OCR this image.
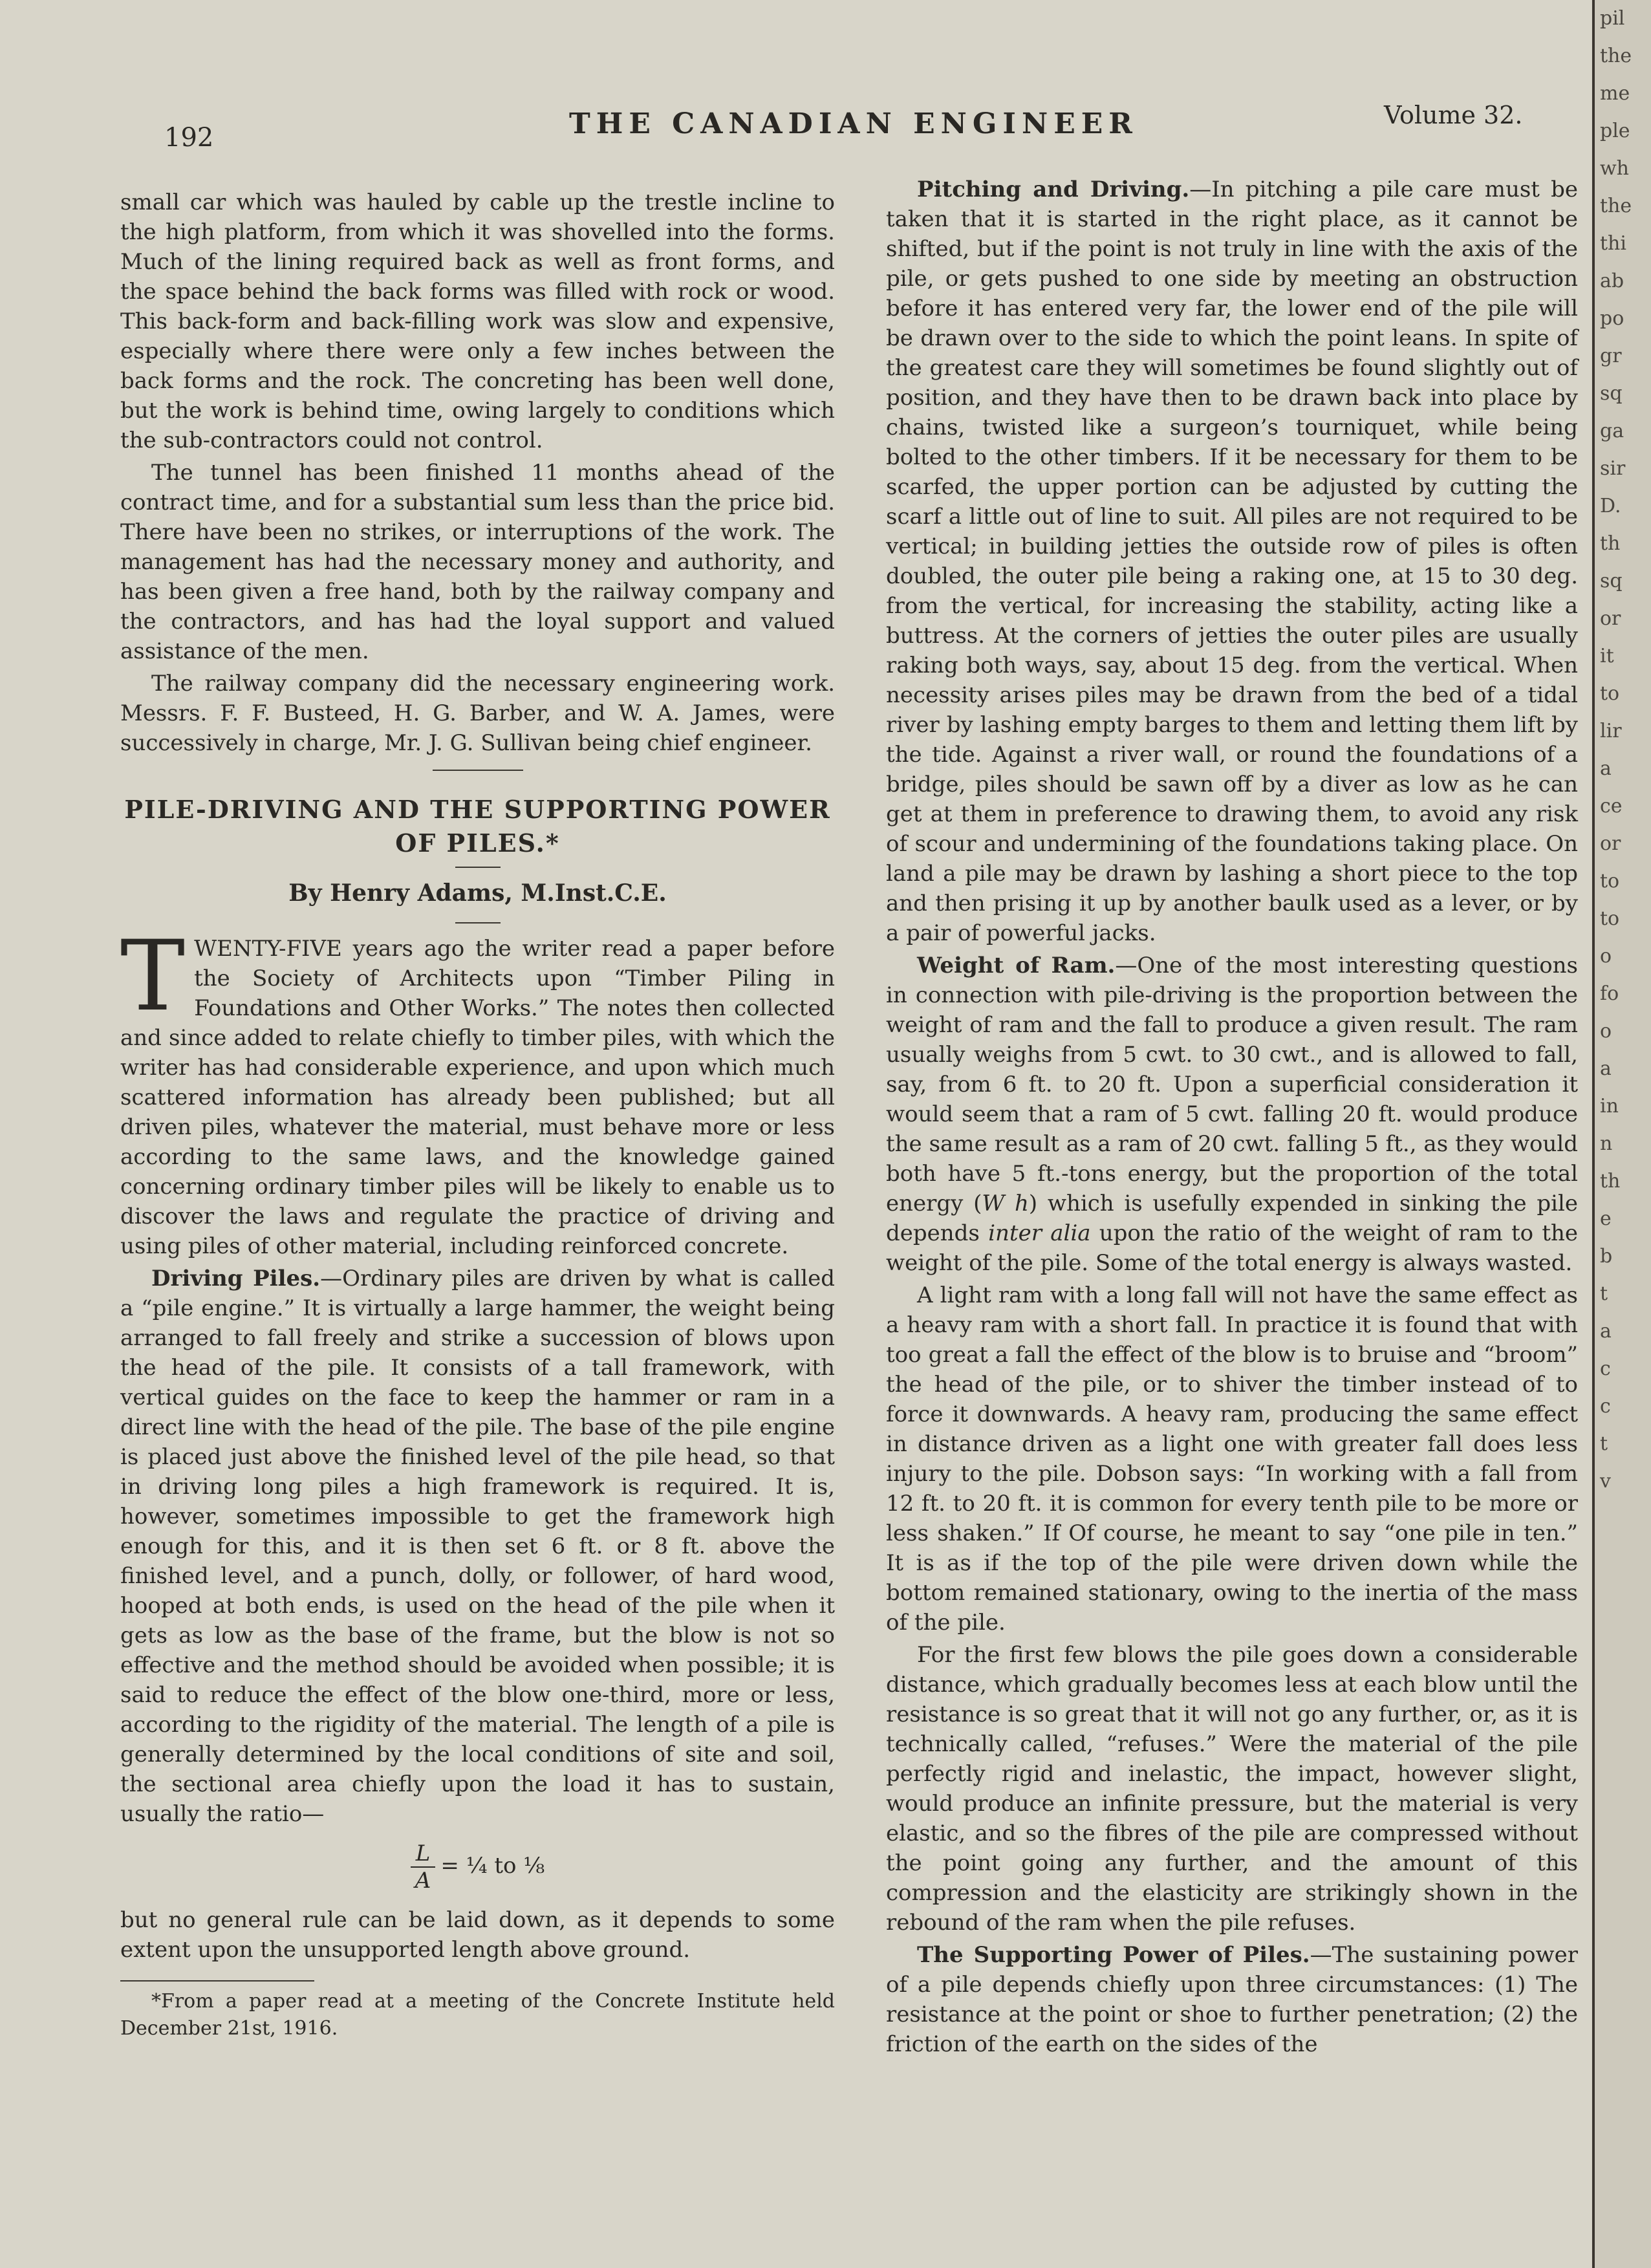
192	THE CANADIAN ENGINEER	Volume 32.

small car which was hauled by cable up the trestle incline to the high platform, from which it was shovelled into the forms. Much of the lining required back as well as front forms, and the space behind the back forms was filled with rock or wood. This back-form and back-filling work was slow and expensive, especially where there were only a few inches between the back forms and the rock. The concreting has been well done, but the work is behind time, owing largely to conditions which the sub-contractors could not control.

The tunnel has been finished 11 months ahead of the contract time, and for a substantial sum less than the price bid. There have been no strikes, or interruptions of the work. The management has had the necessary money and authority, and has been given a free hand, both by the railway company and the contractors, and has had the loyal support and valued assistance of the men.

The railway company did the necessary engineering work. Messrs. F. F. Busteed, H. G. Barber, and W. A. James, were successively in charge, Mr. J. G. Sullivan being chief engineer.

PILE-DRIVING AND THE SUPPORTING POWER OF PILES.*
By Henry Adams, M.Inst.C.E.

TWENTY-FIVE years ago the writer read a paper before the Society of Architects upon “Timber Piling in Foundations and Other Works.” The notes then collected and since added to relate chiefly to timber piles, with which the writer has had considerable experience, and upon which much scattered information has already been published; but all driven piles, whatever the material, must behave more or less according to the same laws, and the knowledge gained concerning ordinary timber piles will be likely to enable us to discover the laws and regulate the practice of driving and using piles of other material, including reinforced concrete.

Driving Piles.—Ordinary piles are driven by what is called a “pile engine.” It is virtually a large hammer, the weight being arranged to fall freely and strike a succession of blows upon the head of the pile. It consists of a tall framework, with vertical guides on the face to keep the hammer or ram in a direct line with the head of the pile. The base of the pile engine is placed just above the finished level of the pile head, so that in driving long piles a high framework is required. It is, however, sometimes impossible to get the framework high enough for this, and it is then set 6 ft. or 8 ft. above the finished level, and a punch, dolly, or follower, of hard wood, hooped at both ends, is used on the head of the pile when it gets as low as the base of the frame, but the blow is not so effective and the method should be avoided when possible; it is said to reduce the effect of the blow one-third, more or less, according to the rigidity of the material. The length of a pile is generally determined by the local conditions of site and soil, the sectional area chiefly upon the load it has to sustain, usually the ratio—

$\frac{L}{A}$ = ¼ to ⅛

but no general rule can be laid down, as it depends to some extent upon the unsupported length above ground.

*From a paper read at a meeting of the Concrete Institute held December 21st, 1916.

Pitching and Driving.—In pitching a pile care must be taken that it is started in the right place, as it cannot be shifted, but if the point is not truly in line with the axis of the pile, or gets pushed to one side by meeting an obstruction before it has entered very far, the lower end of the pile will be drawn over to the side to which the point leans. In spite of the greatest care they will sometimes be found slightly out of position, and they have then to be drawn back into place by chains, twisted like a surgeon’s tourniquet, while being bolted to the other timbers. If it be necessary for them to be scarfed, the upper portion can be adjusted by cutting the scarf a little out of line to suit. All piles are not required to be vertical; in building jetties the outside row of piles is often doubled, the outer pile being a raking one, at 15 to 30 deg. from the vertical, for increasing the stability, acting like a buttress. At the corners of jetties the outer piles are usually raking both ways, say, about 15 deg. from the vertical. When necessity arises piles may be drawn from the bed of a tidal river by lashing empty barges to them and letting them lift by the tide. Against a river wall, or round the foundations of a bridge, piles should be sawn off by a diver as low as he can get at them in preference to drawing them, to avoid any risk of scour and undermining of the foundations taking place. On land a pile may be drawn by lashing a short piece to the top and then prising it up by another baulk used as a lever, or by a pair of powerful jacks.

Weight of Ram.—One of the most interesting questions in connection with pile-driving is the proportion between the weight of ram and the fall to produce a given result. The ram usually weighs from 5 cwt. to 30 cwt., and is allowed to fall, say, from 6 ft. to 20 ft. Upon a superficial consideration it would seem that a ram of 5 cwt. falling 20 ft. would produce the same result as a ram of 20 cwt. falling 5 ft., as they would both have 5 ft.-tons energy, but the proportion of the total energy (W h) which is usefully expended in sinking the pile depends inter alia upon the ratio of the weight of ram to the weight of the pile. Some of the total energy is always wasted.

A light ram with a long fall will not have the same effect as a heavy ram with a short fall. In practice it is found that with too great a fall the effect of the blow is to bruise and “broom” the head of the pile, or to shiver the timber instead of to force it downwards. A heavy ram, producing the same effect in distance driven as a light one with greater fall does less injury to the pile. Dobson says: “In working with a fall from 12 ft. to 20 ft. it is common for every tenth pile to be more or less shaken.” If Of course, he meant to say “one pile in ten.” It is as if the top of the pile were driven down while the bottom remained stationary, owing to the inertia of the mass of the pile.

For the first few blows the pile goes down a considerable distance, which gradually becomes less at each blow until the resistance is so great that it will not go any further, or, as it is technically called, “refuses.” Were the material of the pile perfectly rigid and inelastic, the impact, however slight, would produce an infinite pressure, but the material is very elastic, and so the fibres of the pile are compressed without the point going any further, and the amount of this compression and the elasticity are strikingly shown in the rebound of the ram when the pile refuses.

The Supporting Power of Piles.—The sustaining power of a pile depends chiefly upon three circumstances: (1) The resistance at the point or shoe to further penetration; (2) the friction of the earth on the sides of the

pil
the
me
ple
wh
the
thi
ab
po
gr
sq
ga
sir
D.
th
sq
or
it
to
lir
a
ce
or
to
to
o
fo
o
a
in
n
th
e
b
t
a
c
c
t
v
